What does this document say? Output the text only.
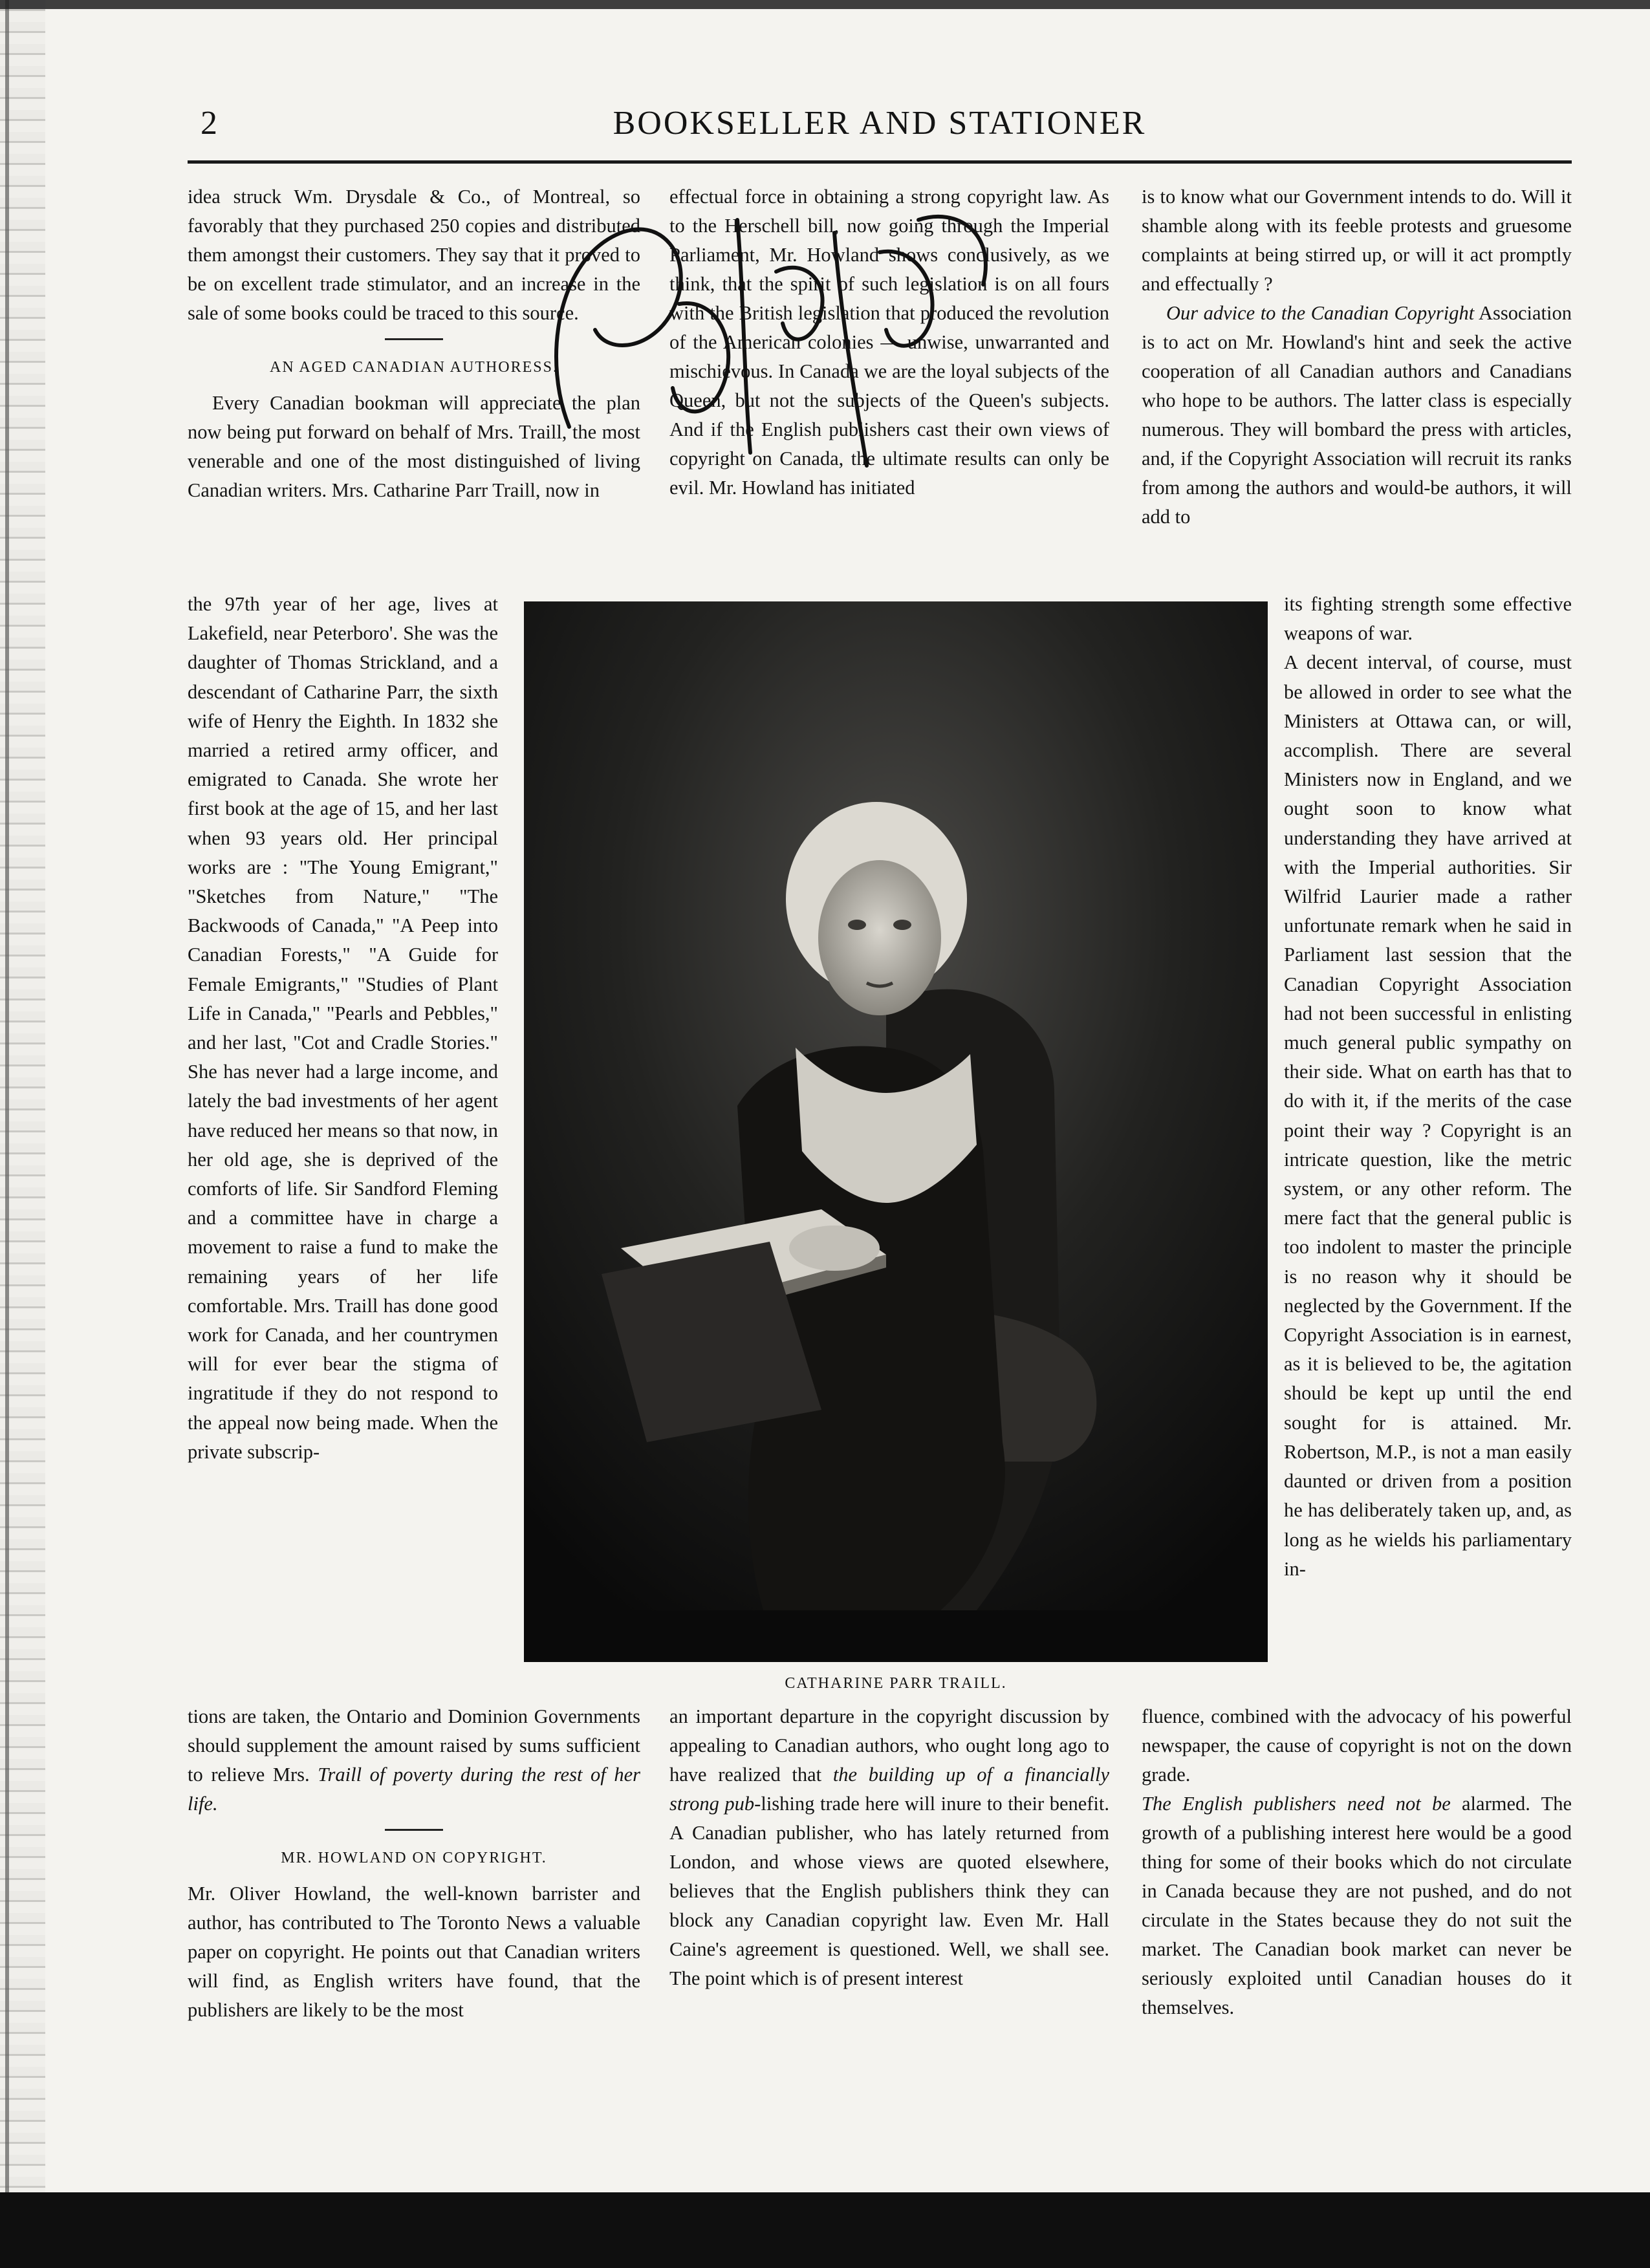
2	BOOKSELLER AND STATIONER

idea struck Wm. Drysdale & Co., of Montreal, so favorably that they purchased 250 copies and distributed them amongst their customers. They say that it proved to be on excellent trade stimulator, and an increase in the sale of some books could be traced to this source.

AN AGED CANADIAN AUTHORESS.

Every Canadian bookman will appreciate the plan now being put forward on behalf of Mrs. Traill, the most venerable and one of the most distinguished of living Canadian writers. Mrs. Catharine Parr Traill, now in

the 97th year of her age, lives at Lakefield, near Peterboro'. She was the daughter of Thomas Strickland, and a descendant of Catharine Parr, the sixth wife of Henry the Eighth. In 1832 she married a retired army officer, and emigrated to Canada. She wrote her first book at the age of 15, and her last when 93 years old. Her principal works are : "The Young Emigrant," "Sketches from Nature," "The Backwoods of Canada," "A Peep into Canadian Forests," "A Guide for Female Emigrants," "Studies of Plant Life in Canada," "Pearls and Pebbles," and her last, "Cot and Cradle Stories." She has never had a large income, and lately the bad investments of her agent have reduced her means so that now, in her old age, she is deprived of the comforts of life. Sir Sandford Fleming and a committee have in charge a movement to raise a fund to make the remaining years of her life comfortable. Mrs. Traill has done good work for Canada, and her countrymen will for ever bear the stigma of ingratitude if they do not respond to the appeal now being made. When the private subscrip-

tions are taken, the Ontario and Dominion Governments should supplement the amount raised by sums sufficient to relieve Mrs. Traill of poverty during the rest of her life.

MR. HOWLAND ON COPYRIGHT.

Mr. Oliver Howland, the well-known barrister and author, has contributed to The Toronto News a valuable paper on copyright. He points out that Canadian writers will find, as English writers have found, that the publishers are likely to be the most

effectual force in obtaining a strong copyright law. As to the Herschell bill, now going through the Imperial Parliament, Mr. Howland shows conclusively, as we think, that the spirit of such legislation is on all fours with the British legislation that produced the revolution of the American colonies — unwise, unwarranted and mischievous. In Canada we are the loyal subjects of the Queen, but not the subjects of the Queen's subjects. And if the English publishers cast their own views of copyright on Canada, the ultimate results can only be evil. Mr. Howland has initiated

an important departure in the copyright discussion by appealing to Canadian authors, who ought long ago to have realized that the building up of a financially strong pub-lishing trade here will inure to their benefit. A Canadian publisher, who has lately returned from London, and whose views are quoted elsewhere, believes that the English publishers think they can block any Canadian copyright law. Even Mr. Hall Caine's agreement is questioned. Well, we shall see. The point which is of present interest

is to know what our Government intends to do. Will it shamble along with its feeble protests and gruesome complaints at being stirred up, or will it act promptly and effectually ?

Our advice to the Canadian Copyright Association is to act on Mr. Howland's hint and seek the active cooperation of all Canadian authors and Canadians who hope to be authors. The latter class is especially numerous. They will bombard the press with articles, and, if the Copyright Association will recruit its ranks from among the authors and would-be authors, it will add to

its fighting strength some effective weapons of war.

A decent interval, of course, must be allowed in order to see what the Ministers at Ottawa can, or will, accomplish. There are several Ministers now in England, and we ought soon to know what understanding they have arrived at with the Imperial authorities. Sir Wilfrid Laurier made a rather unfortunate remark when he said in Parliament last session that the Canadian Copyright Association had not been successful in enlisting much general public sympathy on their side. What on earth has that to do with it, if the merits of the case point their way ? Copyright is an intricate question, like the metric system, or any other reform. The mere fact that the general public is too indolent to master the principle is no reason why it should be neglected by the Government. If the Copyright Association is in earnest, as it is believed to be, the agitation should be kept up until the end sought for is attained. Mr. Robertson, M.P., is not a man easily daunted or driven from a position he has deliberately taken up, and, as long as he wields his parliamentary in-

fluence, combined with the advocacy of his powerful newspaper, the cause of copyright is not on the down grade.

The English publishers need not be alarmed. The growth of a publishing interest here would be a good thing for some of their books which do not circulate in Canada because they are not pushed, and do not circulate in the States because they do not suit the market. The Canadian book market can never be seriously exploited until Canadian houses do it themselves.

CATHARINE PARR TRAILL.
